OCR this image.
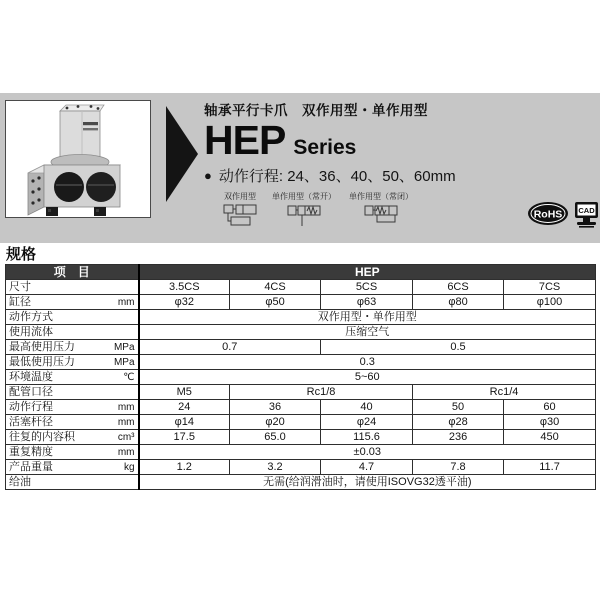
轴承平行卡爪　双作用型・单作用型
HEP Series
● 动作行程: 24、36、40、50、60mm
双作用型	单作用型（常开） 单作用型（常闭）
RoHS CAD
规格
项　目		HEP				
尺寸		3.5CS	4CS	5CS	6CS	7CS
缸径	mm	φ32	φ50	φ63	φ80	φ100
动作方式		双作用型・单作用型				
使用流体		压缩空气				
最高使用压力	MPa	0.7		0.5		
最低使用压力	MPa	0.3				
环境温度	℃	5~60				
配管口径		M5	Rc1/8		Rc1/4	
动作行程	mm	24	36	40	50	60
活塞杆径	mm	φ14	φ20	φ24	φ28	φ30
往复的内容积	cm³	17.5	65.0	115.6	236	450
重复精度	mm	±0.03				
产品重量	kg	1.2	3.2	4.7	7.8	11.7
给油		无需(给润滑油时，请使用ISOVG32透平油)				
